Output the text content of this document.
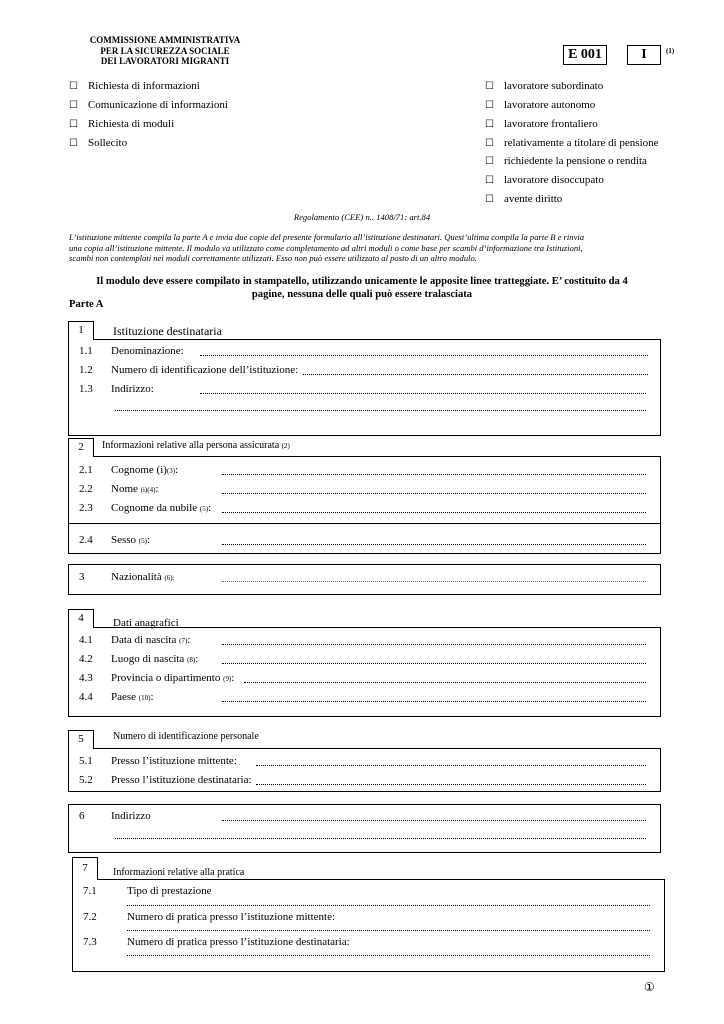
COMMISSIONE AMMINISTRATIVA
PER LA SICUREZZA SOCIALE
DEI LAVORATORI MIGRANTI	E 001	I	(1)
☐ Richiesta di informazioni
☐ Comunicazione di informazioni
☐ Richiesta di moduli
☐ Sollecito
☐ lavoratore subordinato
☐ lavoratore autonomo
☐ lavoratore frontaliero
☐ relativamente a titolare di pensione
☐ richiedente la pensione o rendita
☐ lavoratore disoccupato
☐ avente diritto
Regolamento (CEE) n.. 1408/71: art.84
L’istituzione mittente compila la parte A e invia due copie del presente formulario all’istituzione destinatari. Quest’ultima compila la parte B e rinvia
una copia all’istituzione mittente. Il modulo va utilizzato come completamento ad altri moduli o come base per scambi d’informazione tra Istituzioni,
scambi non contemplati nei moduli correttamente utilizzati. Esso non può essere utilizzato al posto di un altro modulo.
Il modulo deve essere compilato in stampatello, utilizzando unicamente le apposite linee tratteggiate. E’ costituito da 4
pagine, nessuna delle quali può essere tralasciata
Parte A
1	Istituzione destinataria
1.1 Denominazione:
1.2 Numero di identificazione dell’istituzione:
1.3 Indirizzo:
2	Informazioni relative alla persona assicurata (2)
2.1 Cognome (i)(3):
2.2 Nome (i)(4):
2.3 Cognome da nubile (5):
2.4 Sesso (5):
3 Nazionalità (6):
4	Dati anagrafici
4.1 Data di nascita (7):
4.2 Luogo di nascita (8):
4.3 Provincia o dipartimento (9):
4.4 Paese (10):
5	Numero di identificazione personale
5.1 Presso l’istituzione mittente:
5.2 Presso l’istituzione destinataria:
6 Indirizzo
7	Informazioni relative alla pratica
7.1	Tipo di prestazione
7.2	Numero di pratica presso l’istituzione mittente:
7.3	Numero di pratica presso l’istituzione destinataria:
①
